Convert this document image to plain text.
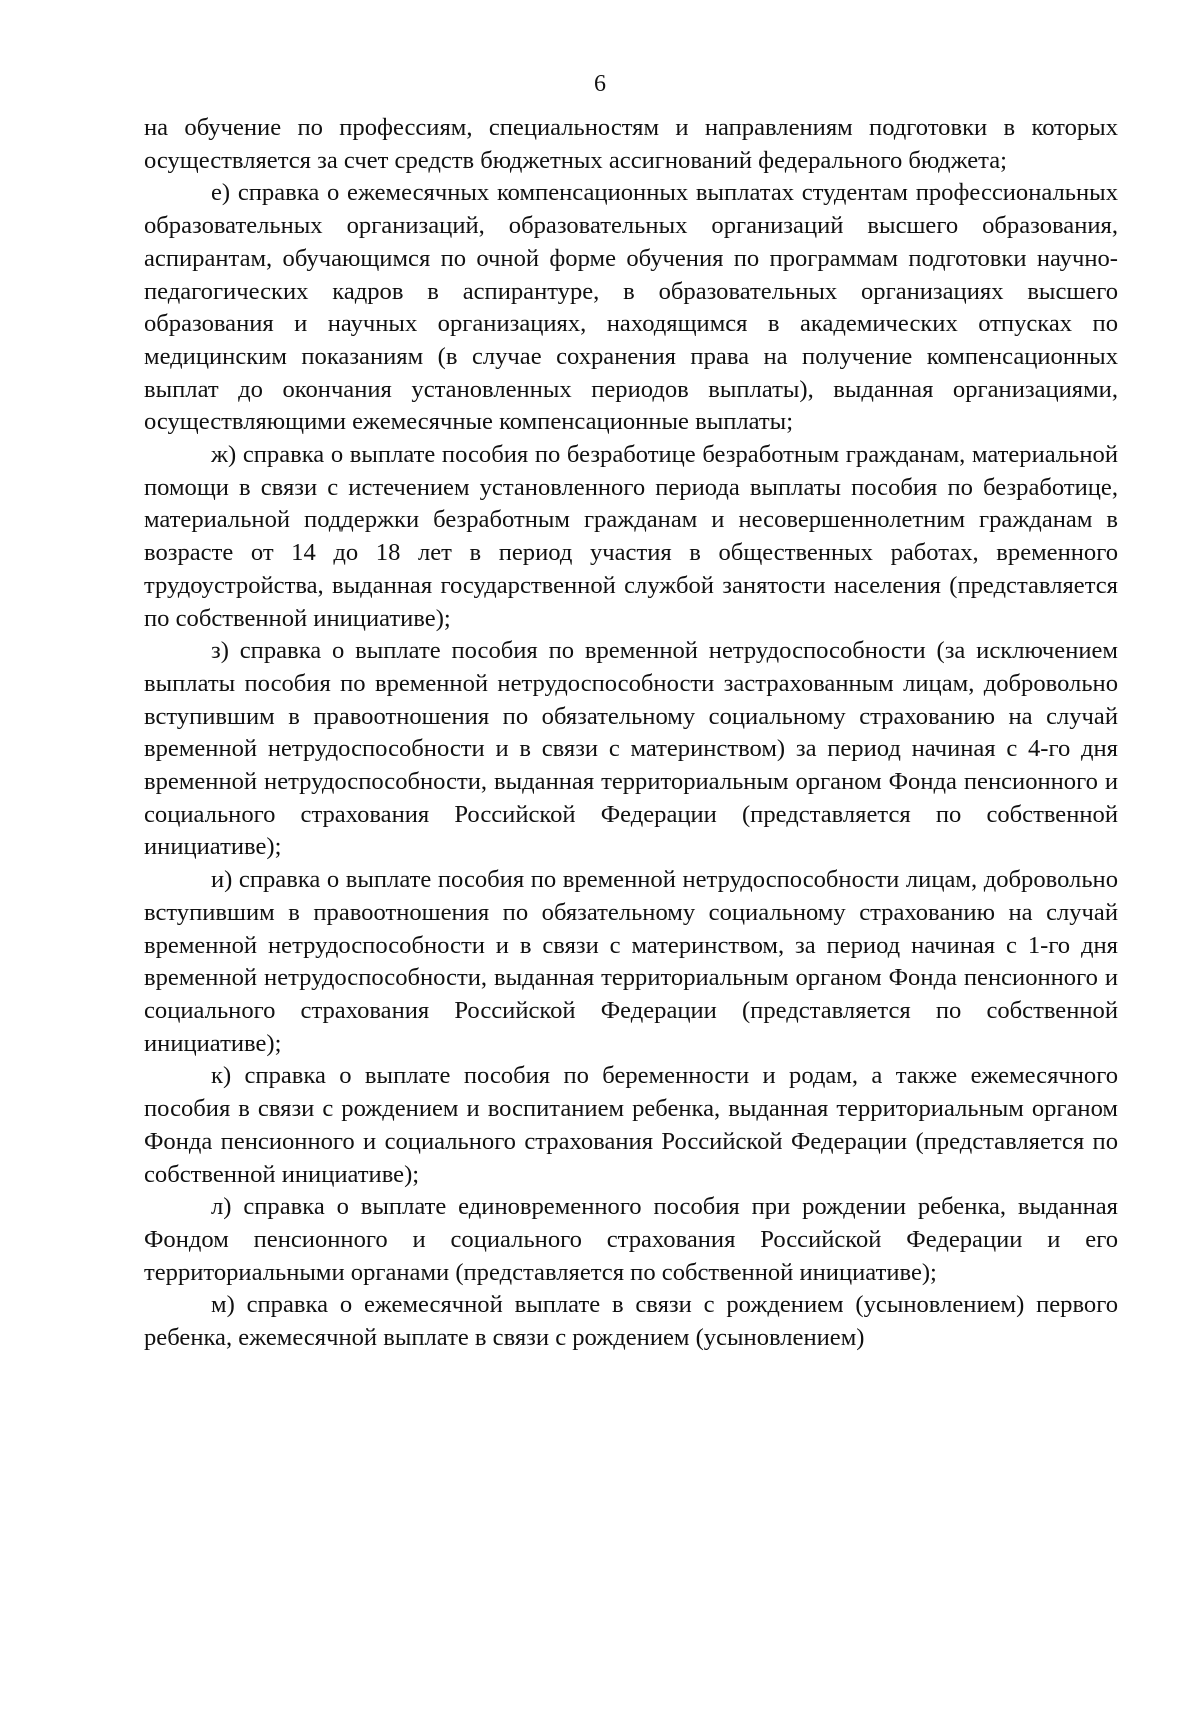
6

на обучение по профессиям, специальностям и направлениям подготовки в которых осуществляется за счет средств бюджетных ассигнований федерального бюджета;

е) справка о ежемесячных компенсационных выплатах студентам профессиональных образовательных организаций, образовательных организаций высшего образования, аспирантам, обучающимся по очной форме обучения по программам подготовки научно-педагогических кадров в аспирантуре, в образовательных организациях высшего образования и научных организациях, находящимся в академических отпусках по медицинским показаниям (в случае сохранения права на получение компенсационных выплат до окончания установленных периодов выплаты), выданная организациями, осуществляющими ежемесячные компенсационные выплаты;

ж) справка о выплате пособия по безработице безработным гражданам, материальной помощи в связи с истечением установленного периода выплаты пособия по безработице, материальной поддержки безработным гражданам и несовершеннолетним гражданам в возрасте от 14 до 18 лет в период участия в общественных работах, временного трудоустройства, выданная государственной службой занятости населения (представляется по собственной инициативе);

з) справка о выплате пособия по временной нетрудоспособности (за исключением выплаты пособия по временной нетрудоспособности застрахованным лицам, добровольно вступившим в правоотношения по обязательному социальному страхованию на случай временной нетрудоспособности и в связи с материнством) за период начиная с 4-го дня временной нетрудоспособности, выданная территориальным органом Фонда пенсионного и социального страхования Российской Федерации (представляется по собственной инициативе);

и) справка о выплате пособия по временной нетрудоспособности лицам, добровольно вступившим в правоотношения по обязательному социальному страхованию на случай временной нетрудоспособности и в связи с материнством, за период начиная с 1-го дня временной нетрудоспособности, выданная территориальным органом Фонда пенсионного и социального страхования Российской Федерации (представляется по собственной инициативе);

к) справка о выплате пособия по беременности и родам, а также ежемесячного пособия в связи с рождением и воспитанием ребенка, выданная территориальным органом Фонда пенсионного и социального страхования Российской Федерации (представляется по собственной инициативе);

л) справка о выплате единовременного пособия при рождении ребенка, выданная Фондом пенсионного и социального страхования Российской Федерации и его территориальными органами (представляется по собственной инициативе);

м) справка о ежемесячной выплате в связи с рождением (усыновлением) первого ребенка, ежемесячной выплате в связи с рождением (усыновлением)
